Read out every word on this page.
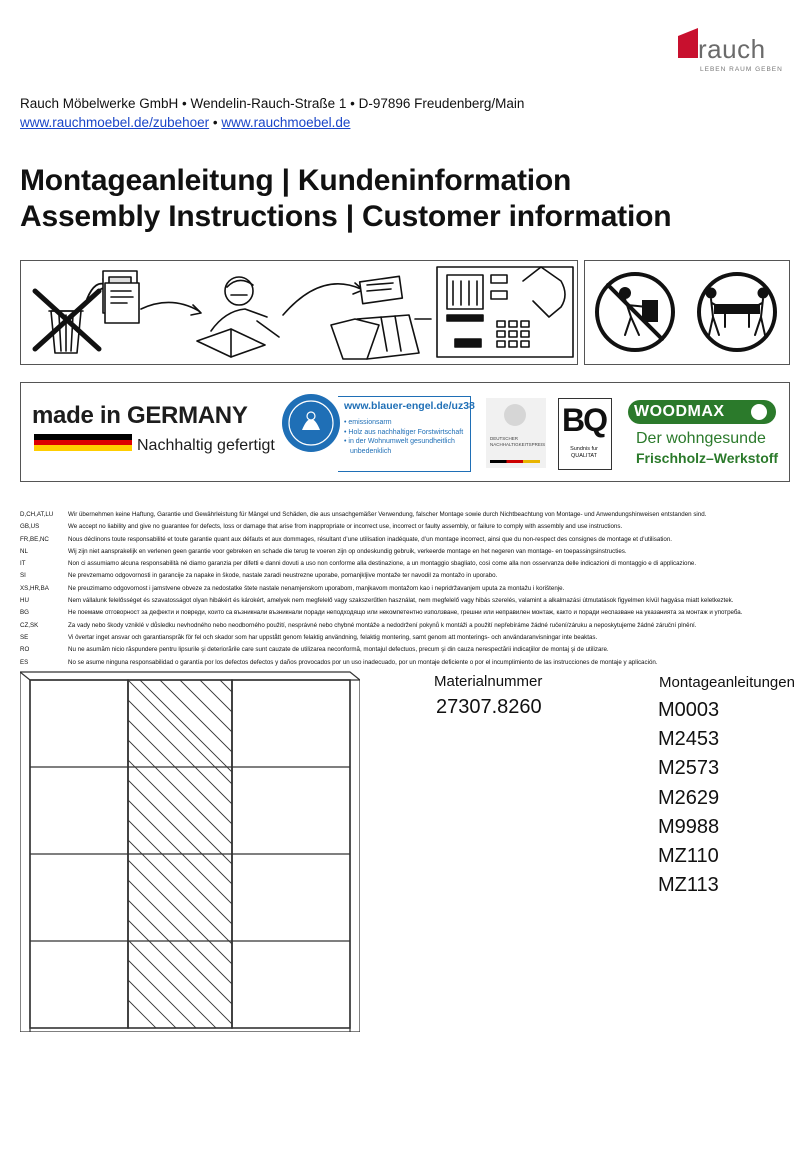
rauch
LEBEN RAUM GEBEN
Rauch Möbelwerke GmbH • Wendelin-Rauch-Straße 1 • D-97896 Freudenberg/Main
www.rauchmoebel.de/zubehoer • www.rauchmoebel.de
Montageanleitung | Kundeninformation
Assembly Instructions | Customer information
made in GERMANY
Nachhaltig gefertigt
www.blauer-engel.de/uz38
• emissionsarm
• Holz aus nachhaltiger Forstwirtschaft
• in der Wohnumwelt gesundheitlich
unbedenklich
DEUTSCHER
NACHHALTIGKEITSPREIS
BQ
Sundnis fur QUALITAT
WOODMAX
Der wohngesunde
Frischholz–Werkstoff
D,CH,AT,LU	Wir übernehmen keine Haftung, Garantie und Gewährleistung für Mängel und Schäden, die aus unsachgemäßer Verwendung, falscher Montage sowie durch Nichtbeachtung von Montage- und Anwendungshinweisen entstanden sind.
GB,US	We accept no liability and give no guarantee for defects, loss or damage that arise from inappropriate or incorrect use, incorrect or faulty assembly, or failure to comply with assembly and use instructions.
FR,BE,NC	Nous déclinons toute responsabilité et toute garantie quant aux défauts et aux dommages, résultant d’une utilisation inadéquate, d’un montage incorrect, ainsi que du non-respect des consignes de montage et d’utilisation.
NL	Wij zijn niet aansprakelijk en verlenen geen garantie voor gebreken en schade die terug te voeren zijn op ondeskundig gebruik, verkeerde montage en het negeren van montage- en toepassingsinstructies.
IT	Non ci assumiamo alcuna responsabilità né diamo garanzia per difetti e danni dovuti a uso non conforme alla destinazione, a un montaggio sbagliato, così come alla non osservanza delle indicazioni di montaggio e di applicazione.
SI	Ne prevzemamo odgovornosti in garancije za napake in škode, nastale zaradi neustrezne uporabe, pomanjkljive montaže ter navodil za montažo in uporabo.
XS,HR,BA	Ne preuzimamo odgovornost i jamstvene obveze za nedostatke štete nastale nenamjenskom uporabom, manjkavom montažom kao i nepridržavanjem uputa za montažu i korištenje.
HU	Nem vállalunk felelősséget és szavatosságot olyan hibákért és károkért, amelyek nem megfelelő vagy szakszerűtlen használat, nem megfelelő vagy hibás szerelés, valamint a alkalmazási útmutatások figyelmen kívül hagyása miatt keletkeztek.
BG	Не поемаме отговорност за дефекти и повреди, които са възникнали възникнали поради неподходящо или некомпетентно използване, грешни или неправилен монтаж, както и поради неспазване на указанията за монтаж и употреба.
CZ,SK	Za vady nebo škody vzniklé v důsledku nevhodného nebo neodborného použití, nesprávné nebo chybné montáže a nedodržení pokynů k montáži a použití nepřebíráme žádné ručení/záruku a neposkytujeme žádné záruční plnění.
SE	Vi övertar inget ansvar och garantiansprăk för fel och skador som har uppstått genom felaktig användning, felaktig montering, samt genom att monterings- och användaranvisningar inte beaktas.
RO	Nu ne asumăm nicio răspundere pentru lipsurile şi deteriorările care sunt cauzate de utilizarea neconformă, montajul defectuos, precum şi din cauza nerespectării indicaţiilor de montaj şi de utilizare.
ES	No se asume ninguna responsabilidad o garantía por los defectos defectos y daños provocados por un uso inadecuado, por un montaje deficiente o por el incumplimiento de las instrucciones de montaje y aplicación.
Materialnummer
27307.8260
Montageanleitungen
M0003
M2453
M2573
M2629
M9988
MZ110
MZ113
